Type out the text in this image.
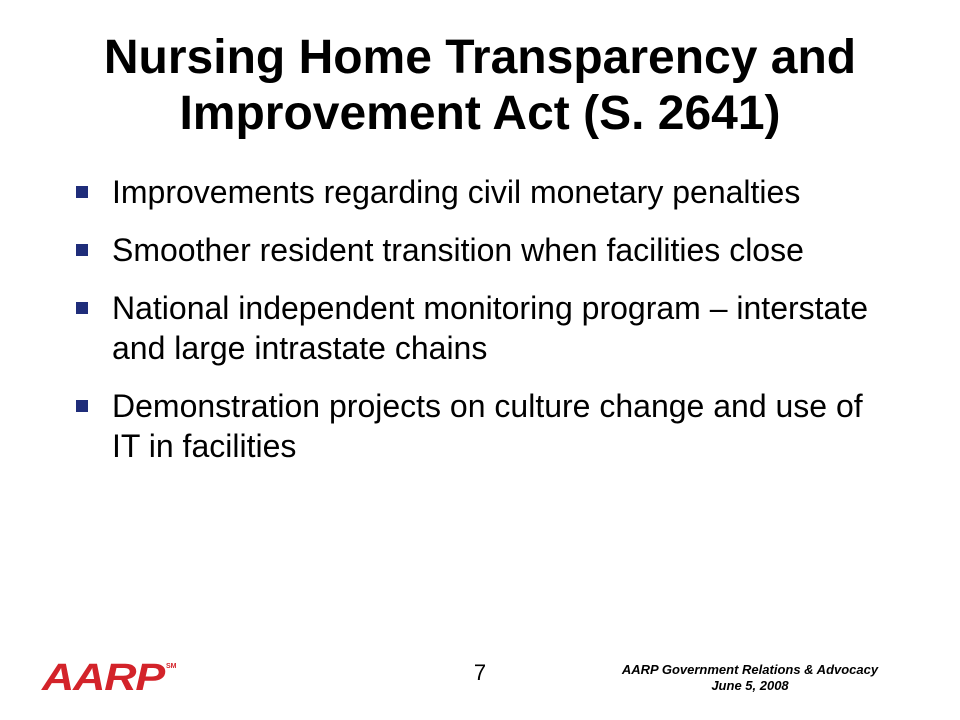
Nursing Home Transparency and Improvement Act (S. 2641)
Improvements regarding civil monetary penalties
Smoother resident transition when facilities close
National independent monitoring program – interstate and large intrastate chains
Demonstration projects on culture change and use of IT in facilities
AARP SM	7	AARP Government Relations & Advocacy
June 5, 2008
